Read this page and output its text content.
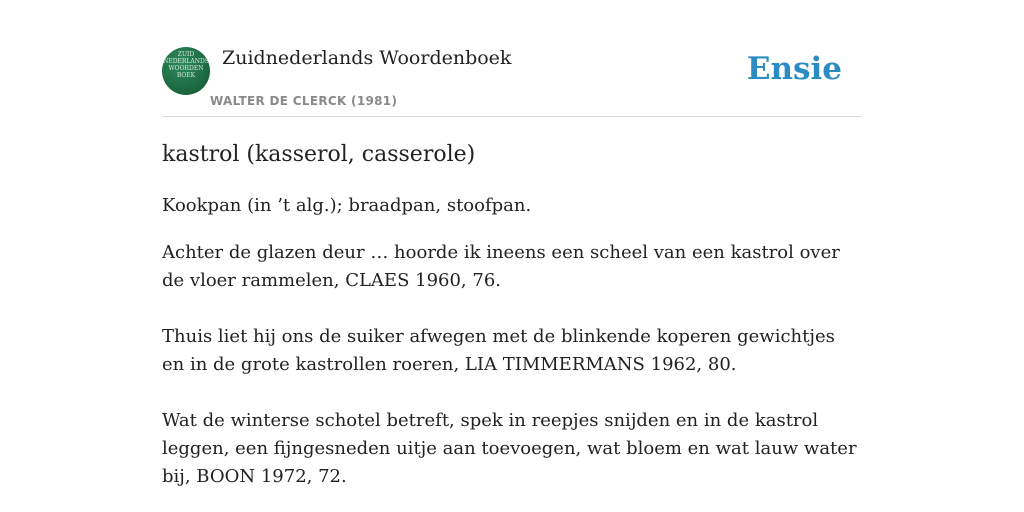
ZUID
NEDERLANDS
WOORDEN
BOEK
Zuidnederlands Woordenboek
WALTER DE CLERCK (1981)
Ensie
kastrol (kasserol, casserole)

Kookpan (in ’t alg.); braadpan, stoofpan.

Achter de glazen deur … hoorde ik ineens een scheel van een kastrol over de vloer rammelen, CLAES 1960, 76.

Thuis liet hij ons de suiker afwegen met de blinkende koperen gewichtjes en in de grote kastrollen roeren, LIA TIMMERMANS 1962, 80.

Wat de winterse schotel betreft, spek in reepjes snijden en in de kastrol leggen, een fijngesneden uitje aan toevoegen, wat bloem en wat lauw water bij, BOON 1972, 72.
